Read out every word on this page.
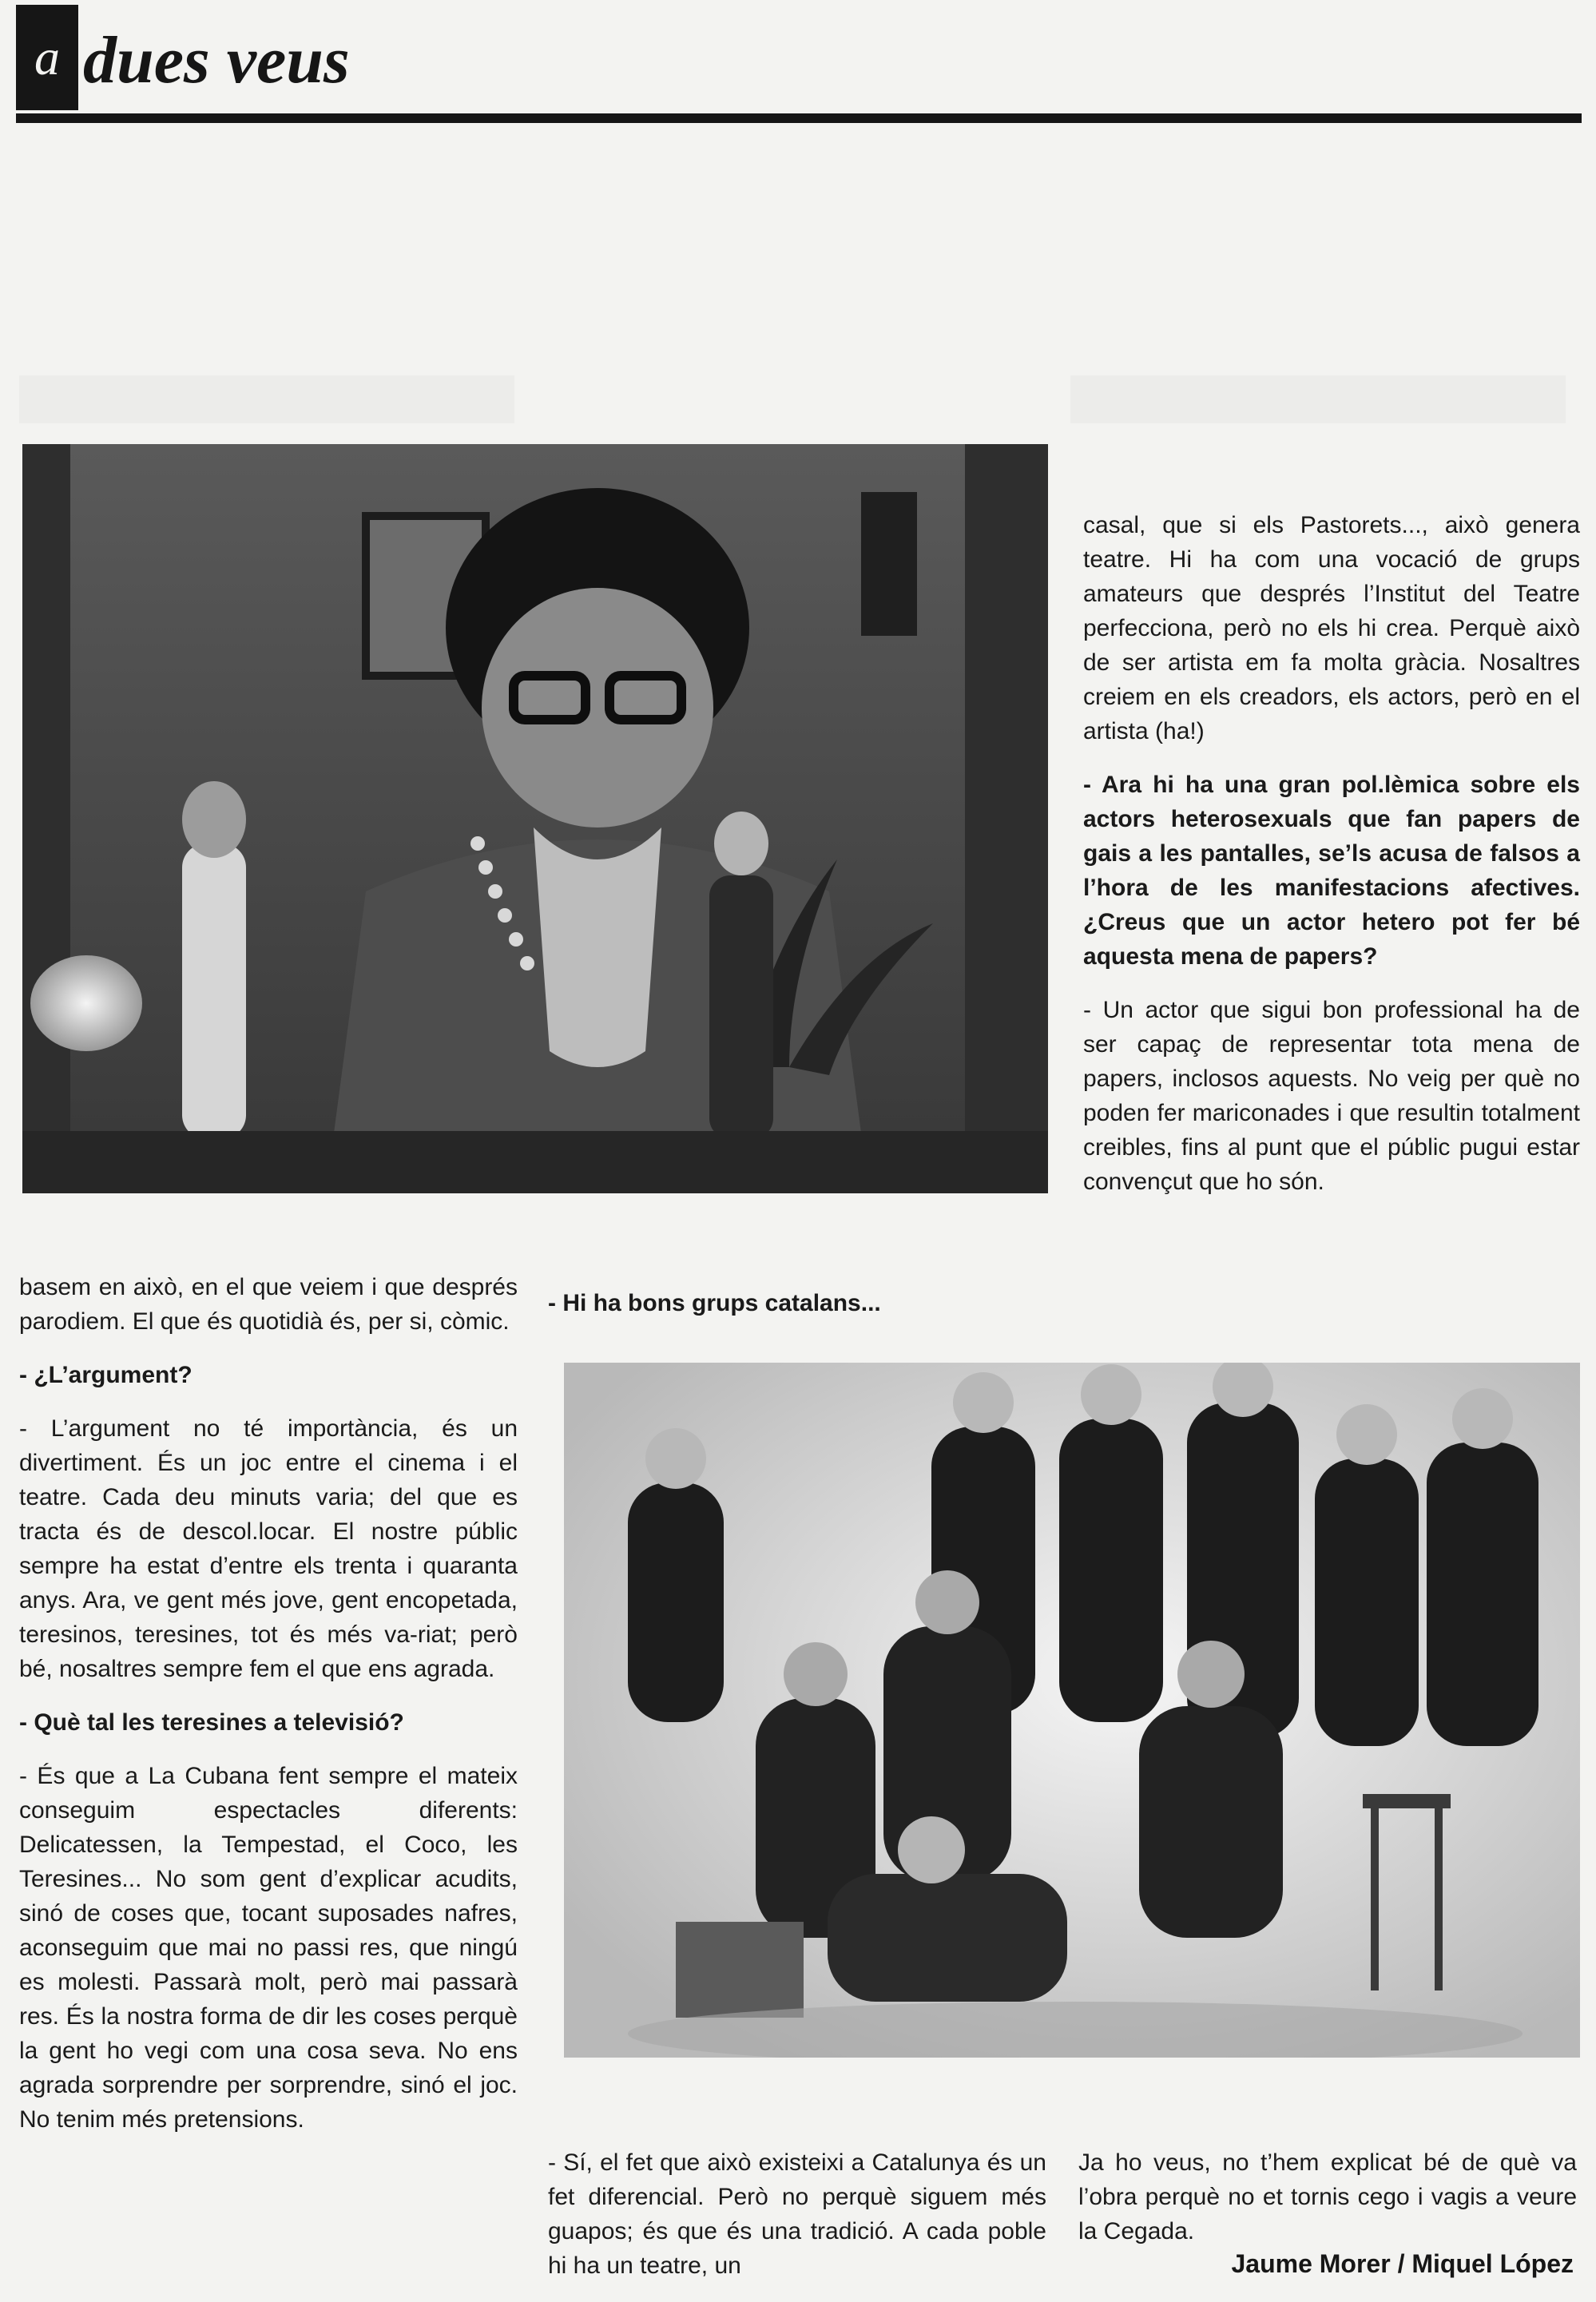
a dues veus

casal, que si els Pastorets..., això genera teatre. Hi ha com una vocació de grups amateurs que després l’Institut del Teatre perfecciona, però no els hi crea. Perquè això de ser artista em fa molta gràcia. Nosaltres creiem en els creadors, els actors, però en el artista (ha!)

- Ara hi ha una gran pol.lèmica sobre els actors heterosexuals que fan papers de gais a les pantalles, se’ls acusa de falsos a l’hora de les manifestacions afectives. ¿Creus que un actor hetero pot fer bé aquesta mena de papers?

- Un actor que sigui bon professional ha de ser capaç de representar tota mena de papers, inclosos aquests. No veig per què no poden fer mariconades i que resultin totalment creibles, fins al punt que el públic pugui estar convençut que ho són.

basem en això, en el que veiem i que després parodiem. El que és quotidià és, per si, còmic.

- ¿L’argument?

- L’argument no té importància, és un divertiment. És un joc entre el cinema i el teatre. Cada deu minuts varia; del que es tracta és de descol.locar. El nostre públic sempre ha estat d’entre els trenta i quaranta anys. Ara, ve gent més jove, gent encopetada, teresinos, teresines, tot és més va-riat; però bé, nosaltres sempre fem el que ens agrada.

- Què tal les teresines a televisió?

- És que a La Cubana fent sempre el mateix conseguim espectacles diferents: Delicatessen, la Tempestad, el Coco, les Teresines... No som gent d’explicar acudits, sinó de coses que, tocant suposades nafres, aconseguim que mai no passi res, que ningú es molesti. Passarà molt, però mai passarà res. És la nostra forma de dir les coses perquè la gent ho vegi com una cosa seva. No ens agrada sorprendre per sorprendre, sinó el joc. No tenim més pretensions.

- Hi ha bons grups catalans...

- Sí, el fet que això existeixi a Catalunya és un fet diferencial. Però no perquè siguem més guapos; és que és una tradició. A cada poble hi ha un teatre, un

Ja ho veus, no t’hem explicat bé de què va l’obra perquè no et tornis cego i vagis a veure la Cegada.

Jaume Morer / Miquel López
